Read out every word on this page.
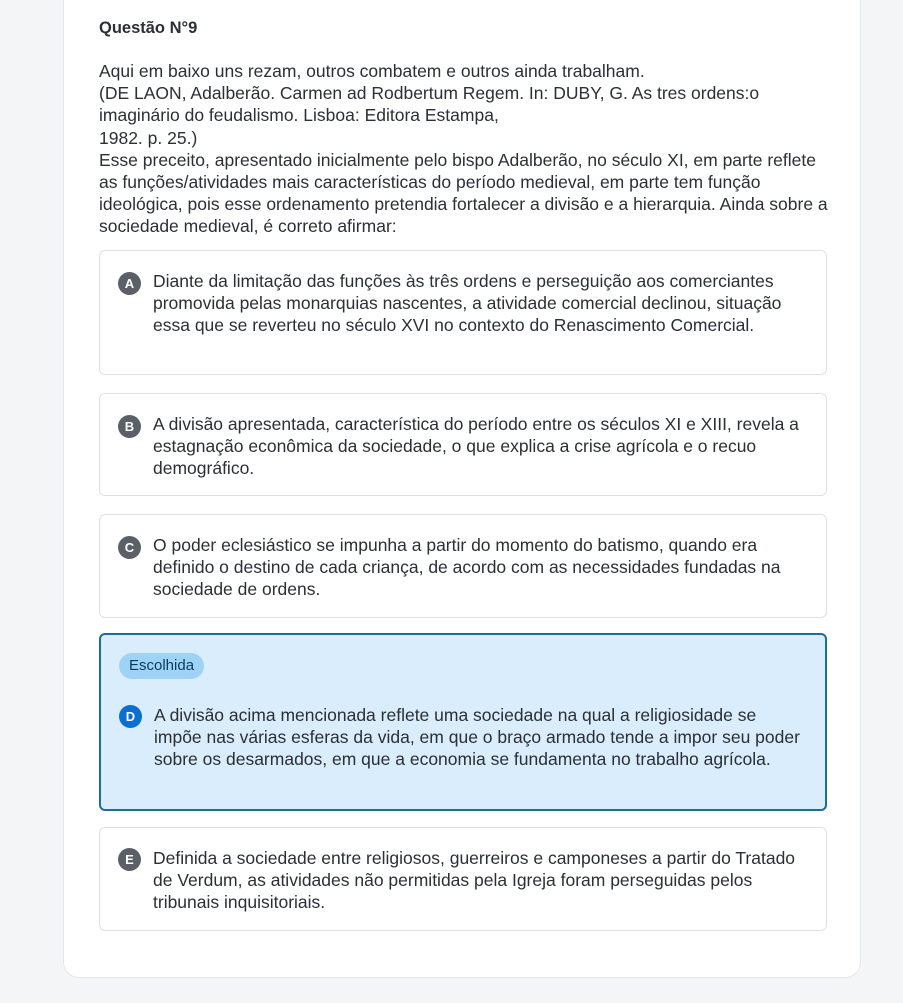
Questão N°9

Aqui em baixo uns rezam, outros combatem e outros ainda trabalham.

(DE LAON, Adalberão. Carmen ad Rodbertum Regem. In: DUBY, G. As tres ordens:o imaginário do feudalismo. Lisboa: Editora Estampa,

1982. p. 25.)

Esse preceito, apresentado inicialmente pelo bispo Adalberão, no século XI, em parte reflete as funções/atividades mais características do período medieval, em parte tem função ideológica, pois esse ordenamento pretendia fortalecer a divisão e a hierarquia. Ainda sobre a sociedade medieval, é correto afirmar:

A	Diante da limitação das funções às três ordens e perseguição aos comerciantes promovida pelas monarquias nascentes, a atividade comercial declinou, situação essa que se reverteu no século XVI no contexto do Renascimento Comercial.
B	A divisão apresentada, característica do período entre os séculos XI e XIII, revela a estagnação econômica da sociedade, o que explica a crise agrícola e o recuo demográfico.
C	O poder eclesiástico se impunha a partir do momento do batismo, quando era definido o destino de cada criança, de acordo com as necessidades fundadas na sociedade de ordens.
Escolhida
D	A divisão acima mencionada reflete uma sociedade na qual a religiosidade se impõe nas várias esferas da vida, em que o braço armado tende a impor seu poder sobre os desarmados, em que a economia se fundamenta no trabalho agrícola.
E	Definida a sociedade entre religiosos, guerreiros e camponeses a partir do Tratado de Verdum, as atividades não permitidas pela Igreja foram perseguidas pelos tribunais inquisitoriais.
